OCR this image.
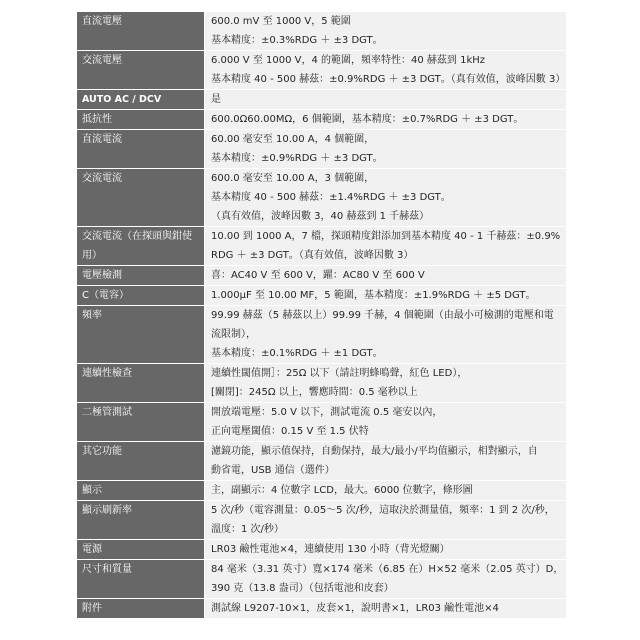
直流電壓	600.0 mV 至 1000 V，5 範圍
基本精度：±0.3%RDG ＋ ±3 DGT。

交流電壓	6.000 V 至 1000 V，4 的範圍，頻率特性：40 赫茲到 1kHz
基本精度 40 - 500 赫茲：±0.9%RDG ＋ ±3 DGT。（真有效值，波峰因數 3）

AUTO AC / DCV	是

抵抗性	600.0Ω60.00MΩ，6 個範圍，基本精度：±0.7%RDG ＋ ±3 DGT。

直流電流	60.00 毫安至 10.00 A，4 個範圍，
基本精度：±0.9%RDG ＋ ±3 DGT。

交流電流	600.0 毫安至 10.00 A，3 個範圍，
基本精度 40 - 500 赫茲：±1.4%RDG ＋ ±3 DGT。
（真有效值，波峰因數 3，40 赫茲到 1 千赫茲）

交流電流（在探頭與鉗使用）	10.00 到 1000 A，7 檔，探頭精度鉗添加到基本精度 40 - 1 千赫茲：±0.9%
RDG ＋ ±3 DGT。（真有效值，波峰因數 3）

電壓檢測	喜：AC40 V 至 600 V，躍：AC80 V 至 600 V

C（電容）	1.000μF 至 10.00 MF，5 範圍，基本精度：±1.9%RDG ＋ ±5 DGT。

頻率	99.99 赫茲（5 赫茲以上）99.99 千赫，4 個範圍（由最小可檢測的電壓和電
流限制），
基本精度：±0.1%RDG ＋ ±1 DGT。

連續性檢查	連續性閾值開］：25Ω 以下（請註明蜂鳴聲，紅色 LED），
[關閉]：245Ω 以上，響應時間：0.5 毫秒以上

二極管測試	開放端電壓：5.0 V 以下，測試電流 0.5 毫安以內，
正向電壓閾值：0.15 V 至 1.5 伏特

其它功能	濾鏡功能，顯示值保持，自動保持，最大/最小/平均值顯示，相對顯示，自
動省電，USB 通信（選件）

顯示	主，副顯示：4 位數字 LCD，最大。6000 位數字，條形圖

顯示刷新率	5 次/秒（電容測量：0.05～5 次/秒，這取決於測量值，頻率：1 到 2 次/秒，
溫度：1 次/秒）

電源	LR03 鹼性電池×4，連續使用 130 小時（背光燈關）

尺寸和質量	84 毫米（3.31 英寸）寬×174 毫米（6.85 在）H×52 毫米（2.05 英寸）D，
390 克（13.8 盎司）（包括電池和皮套）

附件	測試線 L9207-10×1，皮套×1，說明書×1，LR03 鹼性電池×4
